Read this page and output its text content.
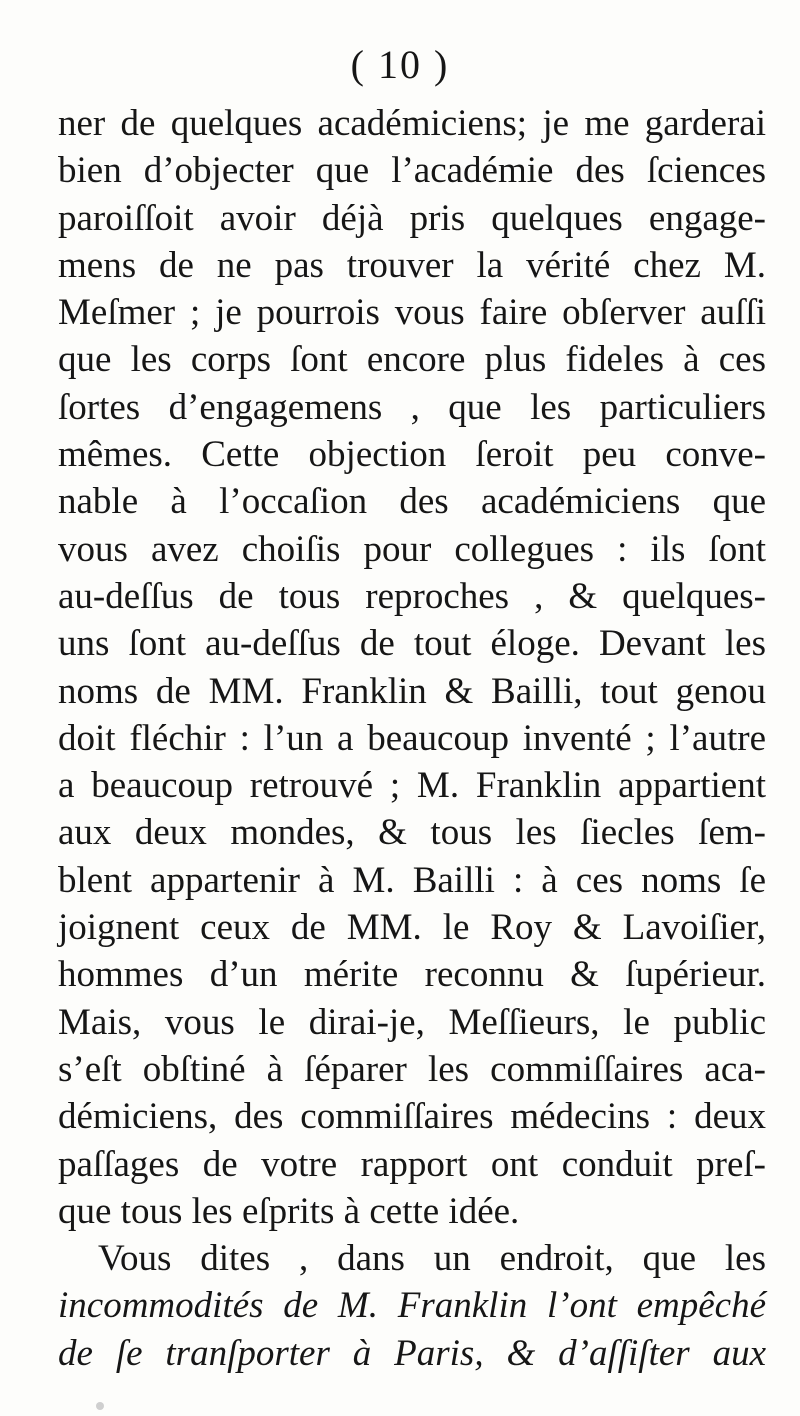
( 10 )
ner de quelques académiciens; je me garderai
bien d’objecter que l’académie des ſciences
paroiſſoit avoir déjà pris quelques engage-
mens de ne pas trouver la vérité chez M.
Meſmer ; je pourrois vous faire obſerver auſſi
que les corps ſont encore plus fideles à ces
ſortes d’engagemens , que les particuliers
mêmes. Cette objection ſeroit peu conve-
nable à l’occaſion des académiciens que
vous avez choiſis pour collegues : ils ſont
au-deſſus de tous reproches , & quelques-
uns ſont au-deſſus de tout éloge. Devant les
noms de MM. Franklin & Bailli, tout genou
doit fléchir : l’un a beaucoup inventé ; l’autre
a beaucoup retrouvé ; M. Franklin appartient
aux deux mondes, & tous les ſiecles ſem-
blent appartenir à M. Bailli : à ces noms ſe
joignent ceux de MM. le Roy & Lavoiſier,
hommes d’un mérite reconnu & ſupérieur.
Mais, vous le dirai-je, Meſſieurs, le public
s’eſt obſtiné à ſéparer les commiſſaires aca-
démiciens, des commiſſaires médecins : deux
paſſages de votre rapport ont conduit preſ-
que tous les eſprits à cette idée.
Vous dites , dans un endroit, que les
incommodités de M. Franklin l’ont empêché
de ſe tranſporter à Paris, & d’aſſiſter aux
